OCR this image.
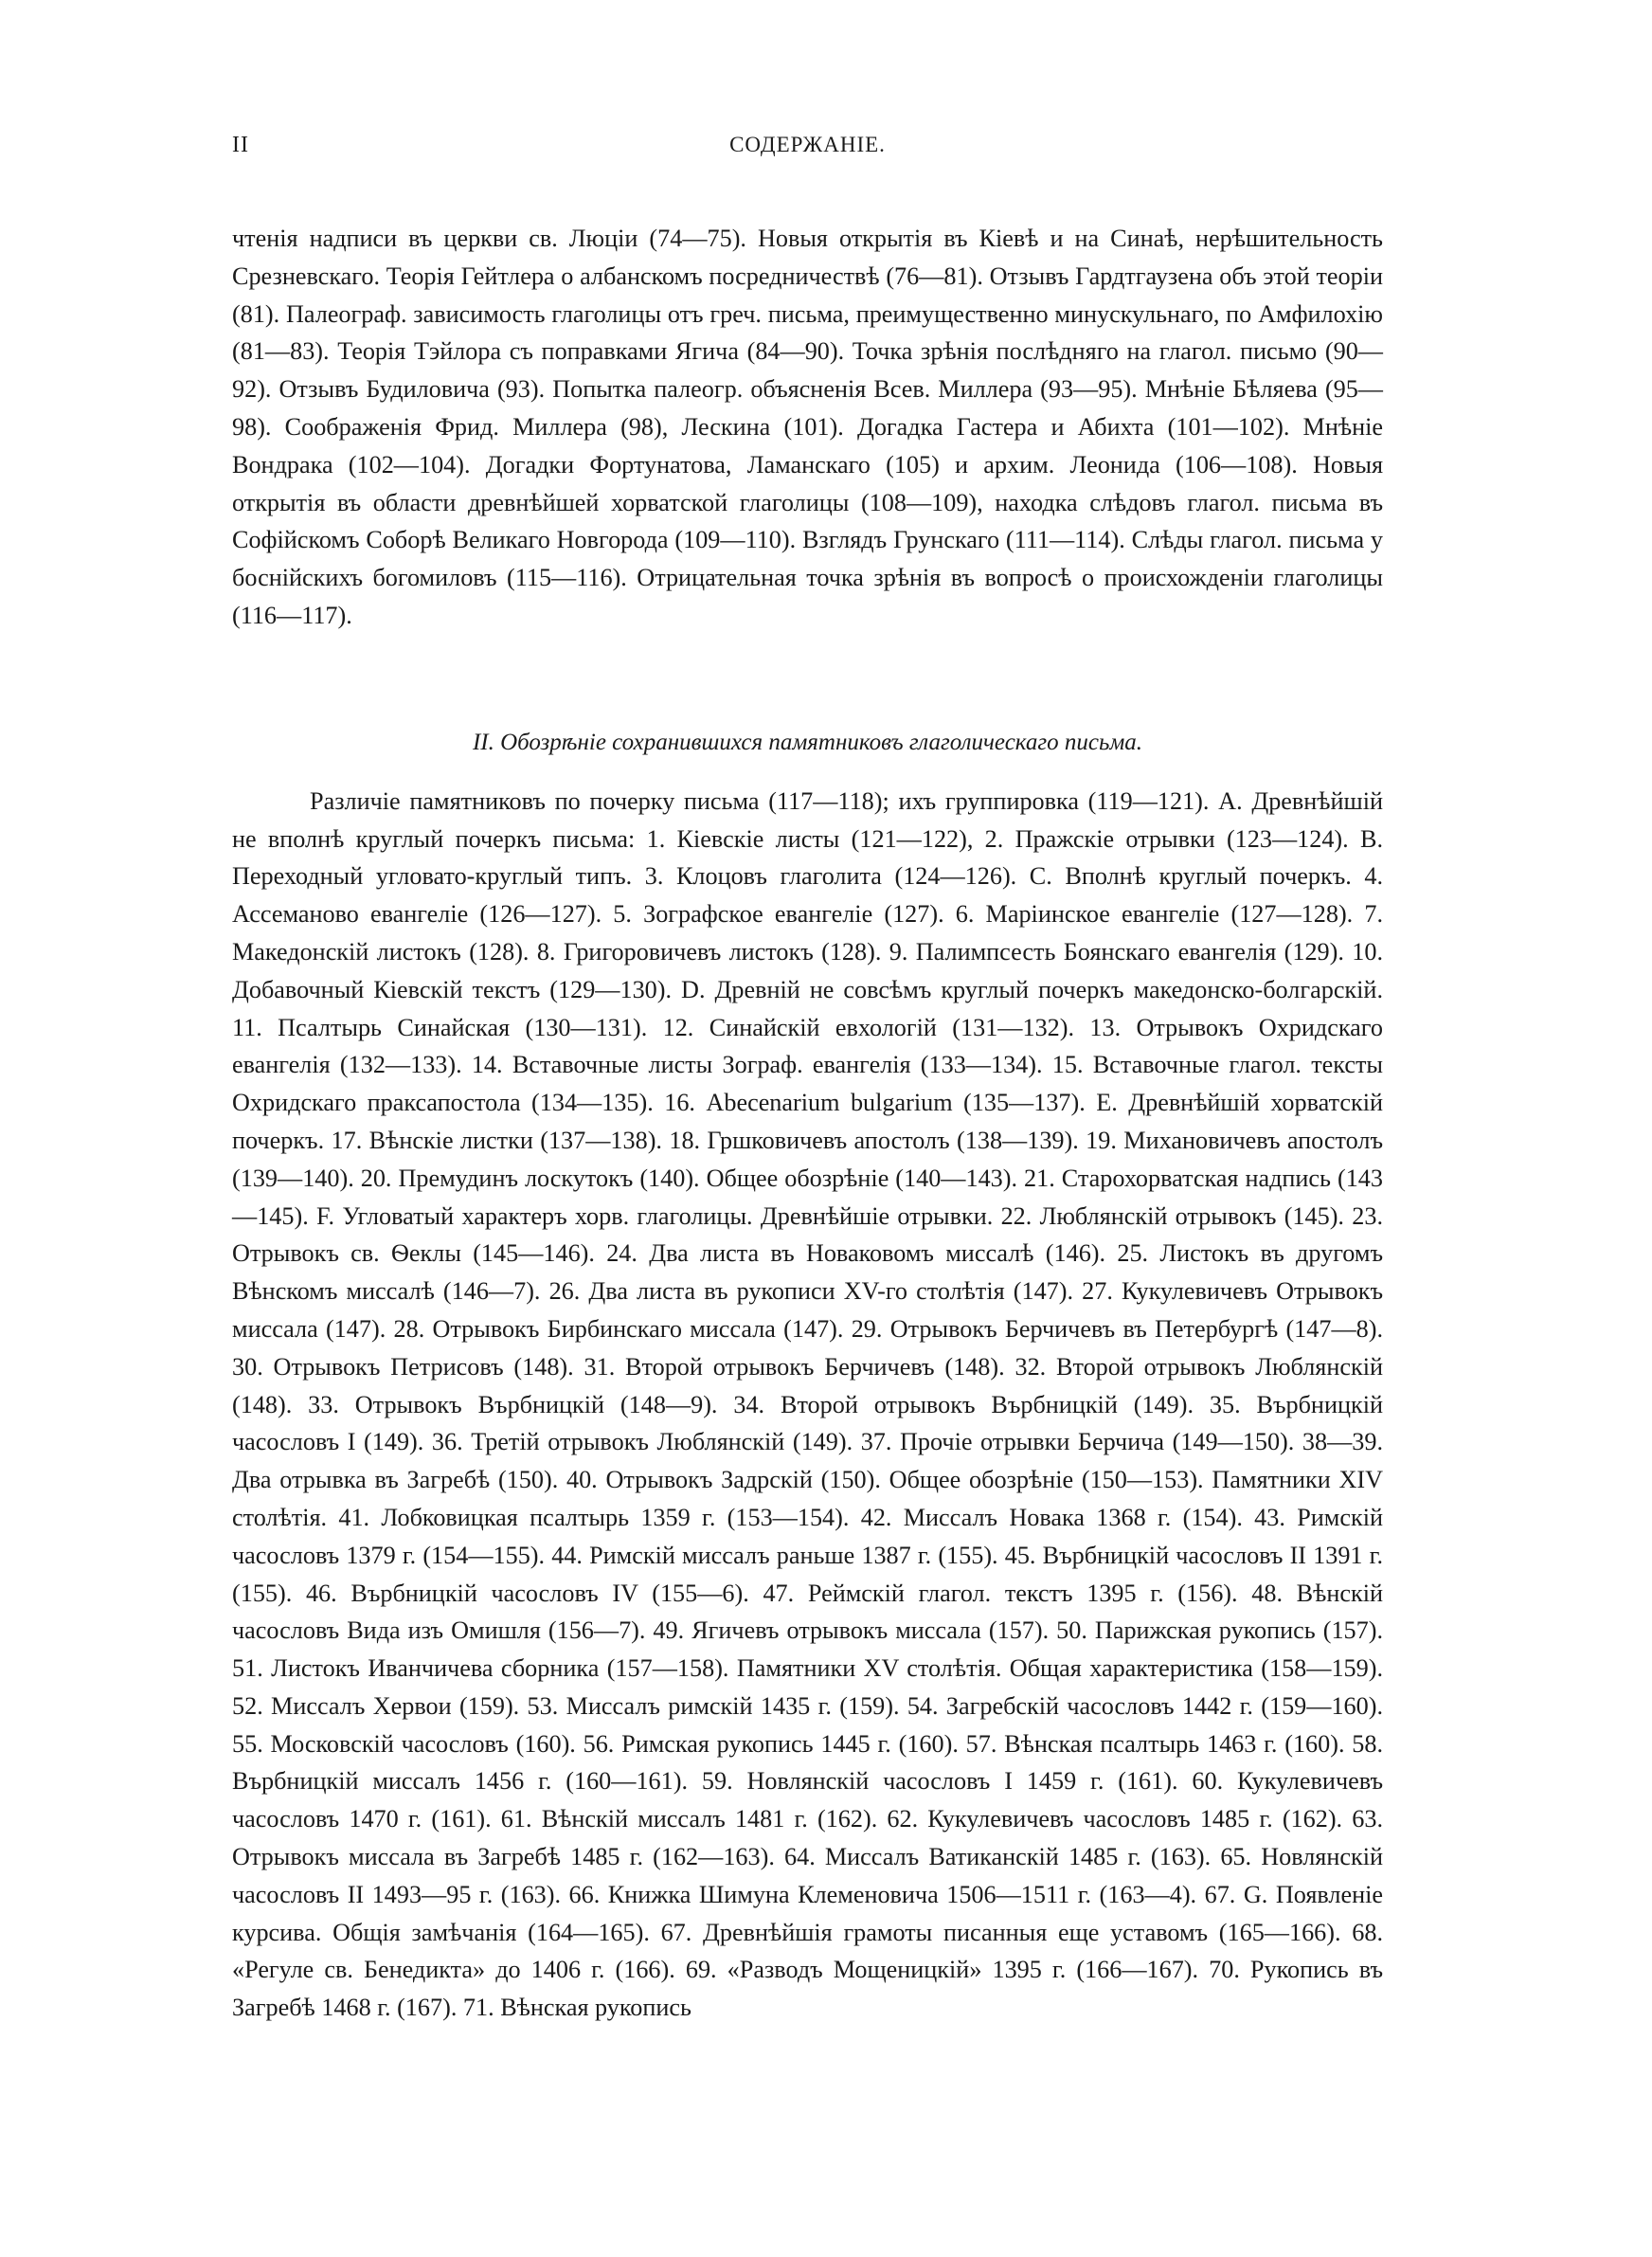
II	СОДЕРЖАНІЕ.

чтенія надписи въ церкви св. Люціи (74—75). Новыя открытія въ Кіевѣ и на Синаѣ, нерѣшительность Срезневскаго. Теорія Гейтлера о албанскомъ посредничествѣ (76—81). Отзывъ Гардтгаузена объ этой теоріи (81). Палеограф. зависимость глаголицы отъ греч. письма, преимущественно минускульнаго, по Амфилохію (81—83). Теорія Тэйлора съ поправками Ягича (84—90). Точка зрѣнія послѣдняго на глагол. письмо (90—92). Отзывъ Будиловича (93). Попытка палеогр. объясненія Всев. Миллера (93—95). Мнѣніе Бѣляева (95—98). Соображенія Фрид. Миллера (98), Лескина (101). Догадка Гастера и Абихта (101—102). Мнѣніе Вондрака (102—104). Догадки Фортунатова, Ламанскаго (105) и архим. Леонида (106—108). Новыя открытія въ области древнѣйшей хорватской глаголицы (108—109), находка слѣдовъ глагол. письма въ Софійскомъ Соборѣ Великаго Новгорода (109—110). Взглядъ Грунскаго (111—114). Слѣды глагол. письма у боснійскихъ богомиловъ (115—116). Отрицательная точка зрѣнія въ вопросѣ о происхожденіи глаголицы (116—117).

II. Обозрѣніе сохранившихся памятниковъ глаголическаго письма.

Различіе памятниковъ по почерку письма (117—118); ихъ группировка (119—121). A. Древнѣйшій не вполнѣ круглый почеркъ письма: 1. Кіевскіе листы (121—122), 2. Пражскіе отрывки (123—124). B. Переходный угловато-круглый типъ. 3. Клоцовъ глаголита (124—126). C. Вполнѣ круглый почеркъ. 4. Ассеманово евангеліе (126—127). 5. Зографское евангеліе (127). 6. Маріинское евангеліе (127—128). 7. Македонскій листокъ (128). 8. Григоровичевъ листокъ (128). 9. Палимпсесть Боянскаго евангелія (129). 10. Добавочный Кіевскій текстъ (129—130). D. Древній не совсѣмъ круглый почеркъ македонско-болгарскій. 11. Псалтырь Синайская (130—131). 12. Синайскій евхологій (131—132). 13. Отрывокъ Охридскаго евангелія (132—133). 14. Вставочные листы Зограф. евангелія (133—134). 15. Вставочные глагол. тексты Охридскаго праксапостола (134—135). 16. Abecenarium bulgarium (135—137). E. Древнѣйшій хорватскій почеркъ. 17. Вѣнскіе листки (137—138). 18. Гршковичевъ апостолъ (138—139). 19. Михановичевъ апостолъ (139—140). 20. Премудинъ лоскутокъ (140). Общее обозрѣніе (140—143). 21. Старохорватская надпись (143—145). F. Угловатый характеръ хорв. глаголицы. Древнѣйшіе отрывки. 22. Люблянскій отрывокъ (145). 23. Отрывокъ св. Ѳеклы (145—146). 24. Два листа въ Новаковомъ миссалѣ (146). 25. Листокъ въ другомъ Вѣнскомъ миссалѣ (146—7). 26. Два листа въ рукописи XV-го столѣтія (147). 27. Кукулевичевъ Отрывокъ миссала (147). 28. Отрывокъ Бирбинскаго миссала (147). 29. Отрывокъ Берчичевъ въ Петербургѣ (147—8). 30. Отрывокъ Петрисовъ (148). 31. Второй отрывокъ Берчичевъ (148). 32. Второй отрывокъ Люблянскій (148). 33. Отрывокъ Върбницкій (148—9). 34. Второй отрывокъ Върбницкій (149). 35. Върбницкій часословъ I (149). 36. Третій отрывокъ Люблянскій (149). 37. Прочіе отрывки Берчича (149—150). 38—39. Два отрывка въ Загребѣ (150). 40. Отрывокъ Задрскій (150). Общее обозрѣніе (150—153). Памятники XIV столѣтія. 41. Лобковицкая псалтырь 1359 г. (153—154). 42. Миссалъ Новака 1368 г. (154). 43. Римскій часословъ 1379 г. (154—155). 44. Римскій миссалъ раньше 1387 г. (155). 45. Върбницкій часословъ II 1391 г. (155). 46. Върбницкій часословъ IV (155—6). 47. Реймскій глагол. текстъ 1395 г. (156). 48. Вѣнскій часословъ Вида изъ Омишля (156—7). 49. Ягичевъ отрывокъ миссала (157). 50. Парижская рукопись (157). 51. Листокъ Иванчичева сборника (157—158). Памятники XV столѣтія. Общая характеристика (158—159). 52. Миссалъ Хервои (159). 53. Миссалъ римскій 1435 г. (159). 54. Загребскій часословъ 1442 г. (159—160). 55. Московскій часословъ (160). 56. Римская рукопись 1445 г. (160). 57. Вѣнская псалтырь 1463 г. (160). 58. Върбницкій миссалъ 1456 г. (160—161). 59. Новлянскій часословъ I 1459 г. (161). 60. Кукулевичевъ часословъ 1470 г. (161). 61. Вѣнскій миссалъ 1481 г. (162). 62. Кукулевичевъ часословъ 1485 г. (162). 63. Отрывокъ миссала въ Загребѣ 1485 г. (162—163). 64. Миссалъ Ватиканскій 1485 г. (163). 65. Новлянскій часословъ II 1493—95 г. (163). 66. Книжка Шимуна Клеменовича 1506—1511 г. (163—4). 67. G. Появленіе курсива. Общія замѣчанія (164—165). 67. Древнѣйшія грамоты писанныя еще уставомъ (165—166). 68. «Регуле св. Бенедикта» до 1406 г. (166). 69. «Разводъ Мощеницкій» 1395 г. (166—167). 70. Рукопись въ Загребѣ 1468 г. (167). 71. Вѣнская рукопись
